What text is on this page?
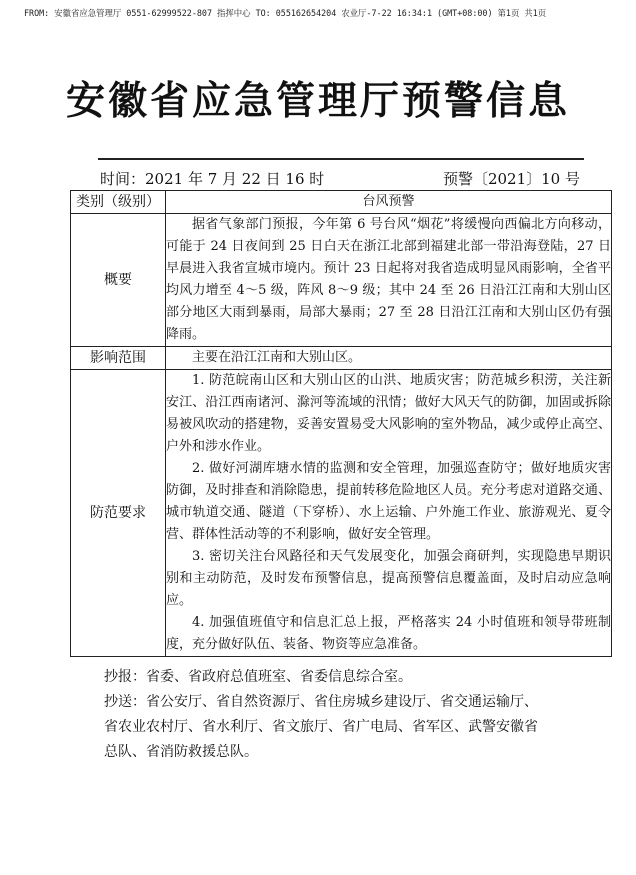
FROM: 安徽省应急管理厅 0551-62999522-807 指挥中心 TO: 055162654204 农业厅-7-22 16:34:1 (GMT+08:00) 第1页 共1页
安徽省应急管理厅预警信息
时间：2021 年 7 月 22 日 16 时	预警〔2021〕10 号
类别（级别）	台风预警
概要	据省气象部门预报，今年第 6 号台风“烟花”将缓慢向西偏北方向移动，可能于 24 日夜间到 25 日白天在浙江北部到福建北部一带沿海登陆，27 日早晨进入我省宣城市境内。预计 23 日起将对我省造成明显风雨影响，全省平均风力增至 4～5 级，阵风 8～9 级；其中 24 至 26 日沿江江南和大别山区部分地区大雨到暴雨，局部大暴雨；27 至 28 日沿江江南和大别山区仍有强降雨。

影响范围	主要在沿江江南和大别山区。

防范要求	1. 防范皖南山区和大别山区的山洪、地质灾害；防范城乡积涝，关注新安江、沿江西南诸河、滁河等流域的汛情；做好大风天气的防御，加固或拆除易被风吹动的搭建物，妥善安置易受大风影响的室外物品，减少或停止高空、户外和涉水作业。

2. 做好河湖库塘水情的监测和安全管理，加强巡查防守；做好地质灾害防御，及时排查和消除隐患，提前转移危险地区人员。充分考虑对道路交通、城市轨道交通、隧道（下穿桥）、水上运输、户外施工作业、旅游观光、夏令营、群体性活动等的不利影响，做好安全管理。

3. 密切关注台风路径和天气发展变化，加强会商研判，实现隐患早期识别和主动防范，及时发布预警信息，提高预警信息覆盖面，及时启动应急响应。

4. 加强值班值守和信息汇总上报，严格落实 24 小时值班和领导带班制度，充分做好队伍、装备、物资等应急准备。

抄报：省委、省政府总值班室、省委信息综合室。

抄送：省公安厅、省自然资源厅、省住房城乡建设厅、省交通运输厅、

省农业农村厅、省水利厅、省文旅厅、省广电局、省军区、武警安徽省

总队、省消防救援总队。
